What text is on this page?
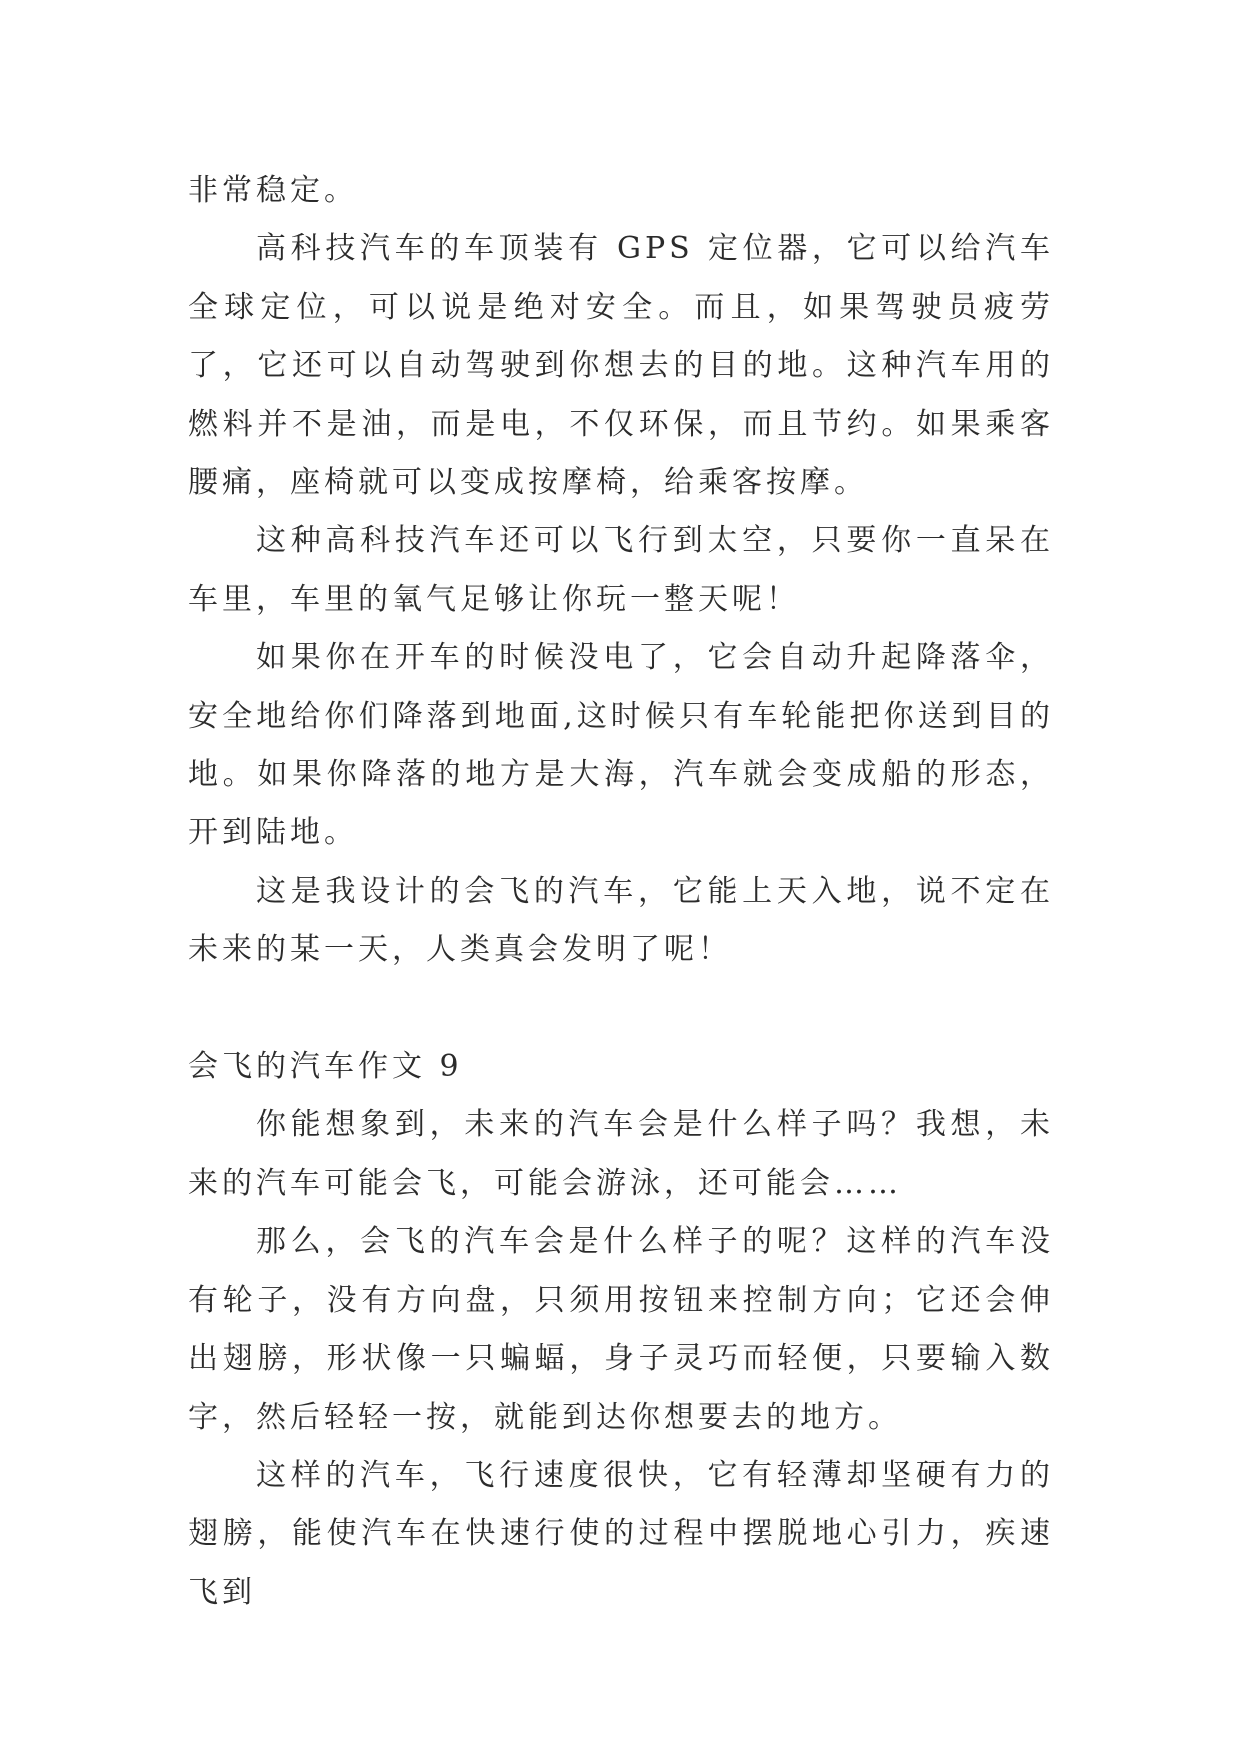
非常稳定。

高科技汽车的车顶装有 GPS 定位器，它可以给汽车全球定位，可以说是绝对安全。而且，如果驾驶员疲劳了，它还可以自动驾驶到你想去的目的地。这种汽车用的燃料并不是油，而是电，不仅环保，而且节约。如果乘客腰痛，座椅就可以变成按摩椅，给乘客按摩。

这种高科技汽车还可以飞行到太空，只要你一直呆在车里，车里的氧气足够让你玩一整天呢！

如果你在开车的时候没电了，它会自动升起降落伞，安全地给你们降落到地面,这时候只有车轮能把你送到目的地。如果你降落的地方是大海，汽车就会变成船的形态，开到陆地。

这是我设计的会飞的汽车，它能上天入地，说不定在未来的某一天，人类真会发明了呢！

会飞的汽车作文 9

你能想象到，未来的汽车会是什么样子吗？我想，未来的汽车可能会飞，可能会游泳，还可能会……

那么，会飞的汽车会是什么样子的呢？这样的汽车没有轮子，没有方向盘，只须用按钮来控制方向；它还会伸出翅膀，形状像一只蝙蝠，身子灵巧而轻便，只要输入数字，然后轻轻一按，就能到达你想要去的地方。

这样的汽车，飞行速度很快，它有轻薄却坚硬有力的翅膀，能使汽车在快速行使的过程中摆脱地心引力，疾速飞到
